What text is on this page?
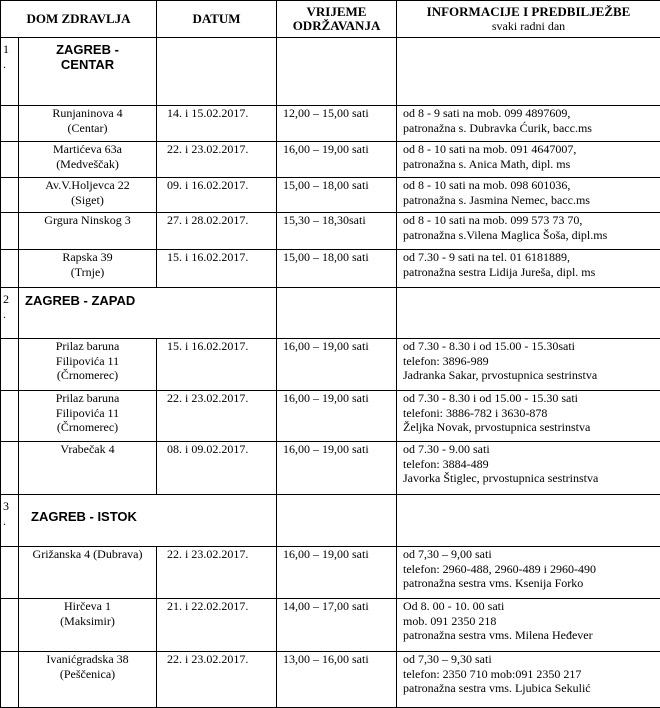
DOM ZDRAVLJA		DATUM	VRIJEME
ODRŽAVANJA	INFORMACIJE I PREDBILJEŽBE
svaki radni dan

1
.	ZAGREB -
CENTAR			

	Runjaninova 4
(Centar)	14. i 15.02.2017.	12,00 – 15,00 sati	od 8 - 9 sati na mob. 099 4897609,
patronažna s. Dubravka Ćurik, bacc.ms

	Martićeva 63a
(Medveščak)	22. i 23.02.2017.	16,00 – 19,00 sati	od 8 - 10 sati na mob. 091 4647007,
patronažna s. Anica Math, dipl. ms

	Av.V.Holjevca 22
(Siget)	09. i 16.02.2017.	15,00 – 18,00 sati	od 8 - 10 sati na mob. 098 601036,
patronažna s. Jasmina Nemec, bacc.ms

	Grgura Ninskog 3	27. i 28.02.2017.	15,30 – 18,30sati	od 8 - 10 sati na mob. 099 573 73 70,
patronažna s.Vilena Maglica Šoša, dipl.ms

	Rapska 39
(Trnje)	15. i 16.02.2017.	15,00 – 18,00 sati	od 7.30 - 9 sati na tel. 01 6181889,
patronažna sestra Lidija Jureša, dipl. ms

2
.	ZAGREB - ZAPAD			

	Prilaz baruna
Filipovića 11
(Črnomerec)	15. i 16.02.2017.	16,00 – 19,00 sati	od 7.30 - 8.30 i od 15.00 - 15.30sati
telefon: 3896-989
Jadranka Sakar, prvostupnica sestrinstva

	Prilaz baruna
Filipovića 11
(Črnomerec)	22. i 23.02.2017.	16,00 – 19,00 sati	od 7.30 - 8.30 i od 15.00 - 15.30 sati
telefoni: 3886-782 i 3630-878
Željka Novak, prvostupnica sestrinstva

	Vrabečak 4	08. i 09.02.2017.	16,00 – 19,00 sati	od 7.30 - 9.00 sati
telefon: 3884-489
Javorka Štiglec, prvostupnica sestrinstva

3
.	ZAGREB - ISTOK			

	Grižanska 4 (Dubrava)	22. i 23.02.2017.	16,00 – 19,00 sati	od 7,30 – 9,00 sati
telefon: 2960-488, 2960-489 i 2960-490
patronažna sestra vms. Ksenija Forko

	Hirčeva 1
(Maksimir)	21. i 22.02.2017.	14,00 – 17,00 sati	Od 8. 00 - 10. 00 sati
mob. 091 2350 218
patronažna sestra vms. Milena Heđever

	Ivanićgradska 38
(Peščenica)	22. i 23.02.2017.	13,00 – 16,00 sati	od 7,30 – 9,30 sati
telefon: 2350 710 mob:091 2350 217
patronažna sestra vms. Ljubica Sekulić
